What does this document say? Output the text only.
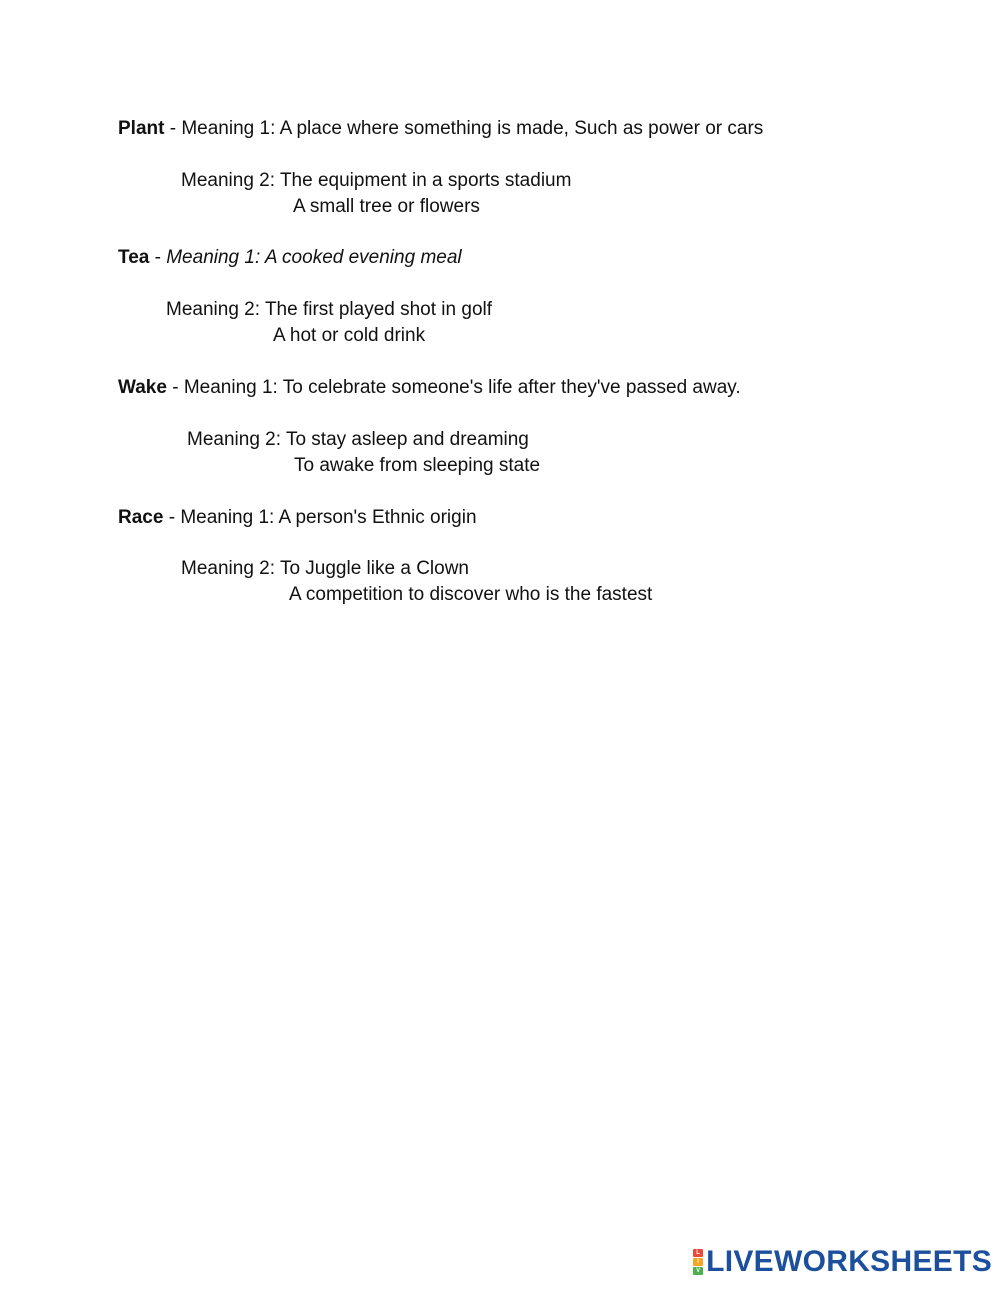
Plant - Meaning 1: A place where something is made, Such as power or cars
Meaning 2: The equipment in a sports stadium
A small tree or flowers
Tea - Meaning 1: A cooked evening meal
Meaning 2: The first played shot in golf
A hot or cold drink
Wake - Meaning 1: To celebrate someone's life after they've passed away.
Meaning 2: To stay asleep and dreaming
To awake from sleeping state
Race - Meaning 1: A person's Ethnic origin
Meaning 2: To Juggle like a Clown
A competition to discover who is the fastest
L
I
V LIVEWORKSHEETS
